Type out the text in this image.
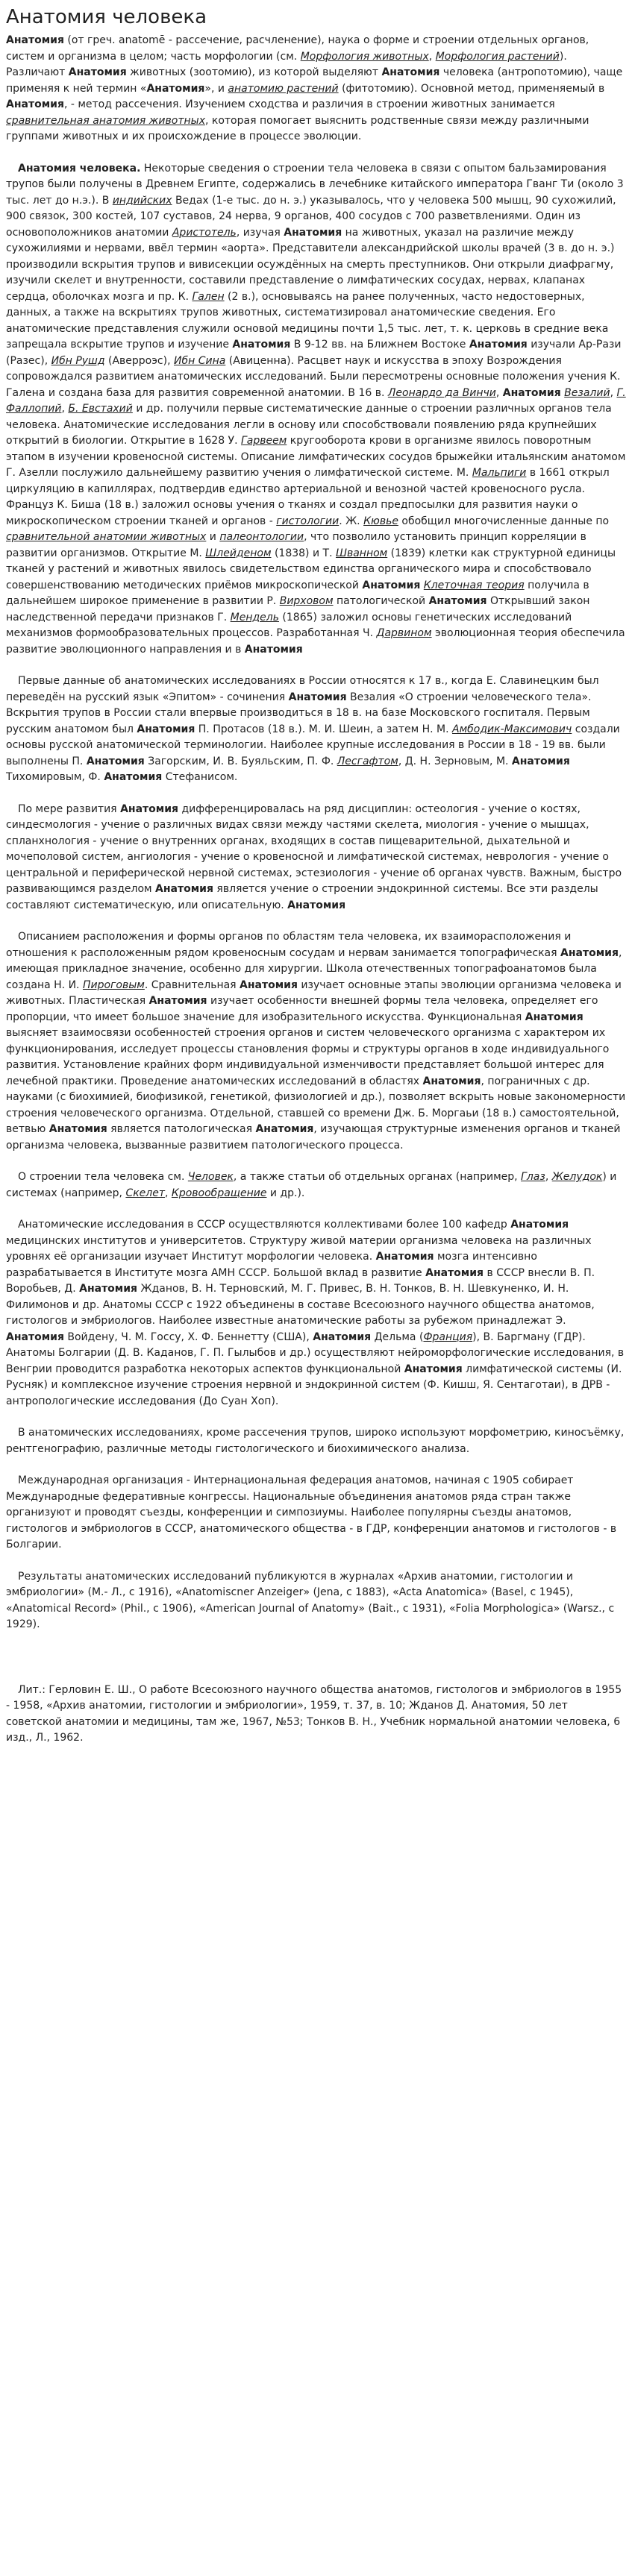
Анатомия человека

Анатомия (от греч. anatomē - рассечение, расчленение), наука о форме и строении отдельных органов, систем и организма в целом; часть морфологии (см. Морфология животных, Морфология растений). Различают Анатомия животных (зоотомию), из которой выделяют Анатомия человека (антропотомию), чаще применяя к ней термин «Анатомия», и анатомию растений (фитотомию). Основной метод, применяемый в Анатомия, - метод рассечения. Изучением сходства и различия в строении животных занимается сравнительная анатомия животных, которая помогает выяснить родственные связи между различными группами животных и их происхождение в процессе эволюции.

Анатомия человека. Некоторые сведения о строении тела человека в связи с опытом бальзамирования трупов были получены в Древнем Египте, содержались в лечебнике китайского императора Гванг Ти (около 3 тыс. лет до н.э.). В индийских Ведах (1-е тыс. до н. э.) указывалось, что у человека 500 мышц, 90 сухожилий, 900 связок, 300 костей, 107 суставов, 24 нерва, 9 органов, 400 сосудов с 700 разветвлениями. Один из основоположников анатомии Аристотель, изучая Анатомия на животных, указал на различие между сухожилиями и нервами, ввёл термин «аорта». Представители александрийской школы врачей (3 в. до н. э.) производили вскрытия трупов и вивисекции осуждённых на смерть преступников. Они открыли диафрагму, изучили скелет и внутренности, составили представление о лимфатических сосудах, нервах, клапанах сердца, оболочках мозга и пр. К. Гален (2 в.), основываясь на ранее полученных, часто недостоверных, данных, а также на вскрытиях трупов животных, систематизировал анатомические сведения. Его анатомические представления служили основой медицины почти 1,5 тыс. лет, т. к. церковь в средние века запрещала вскрытие трупов и изучение Анатомия В 9-12 вв. на Ближнем Востоке Анатомия изучали Ар-Рази (Разес), Ибн Рушд (Аверроэс), Ибн Сина (Авиценна). Расцвет наук и искусства в эпоху Возрождения сопровождался развитием анатомических исследований. Были пересмотрены основные положения учения К. Галена и создана база для развития современной анатомии. В 16 в. Леонардо да Винчи, Анатомия Везалий, Г. Фаллопий, Б. Евстахий и др. получили первые систематические данные о строении различных органов тела человека. Анатомические исследования легли в основу или способствовали появлению ряда крупнейших открытий в биологии. Открытие в 1628 У. Гарвеем кругооборота крови в организме явилось поворотным этапом в изучении кровеносной системы. Описание лимфатических сосудов брыжейки итальянским анатомом Г. Азелли послужило дальнейшему развитию учения о лимфатической системе. М. Мальпиги в 1661 открыл циркуляцию в капиллярах, подтвердив единство артериальной и венозной частей кровеносного русла. Француз К. Биша (18 в.) заложил основы учения о тканях и создал предпосылки для развития науки о микроскопическом строении тканей и органов - гистологии. Ж. Кювье обобщил многочисленные данные по сравнительной анатомии животных и палеонтологии, что позволило установить принцип корреляции в развитии организмов. Открытие М. Шлейденом (1838) и Т. Шванном (1839) клетки как структурной единицы тканей у растений и животных явилось свидетельством единства органического мира и способствовало совершенствованию методических приёмов микроскопической Анатомия Клеточная теория получила в дальнейшем широкое применение в развитии Р. Вирховом патологической Анатомия Открывший закон наследственной передачи признаков Г. Мендель (1865) заложил основы генетических исследований механизмов формообразовательных процессов. Разработанная Ч. Дарвином эволюционная теория обеспечила развитие эволюционного направления и в Анатомия

Первые данные об анатомических исследованиях в России относятся к 17 в., когда Е. Славинецким был переведён на русский язык «Эпитом» - сочинения Анатомия Везалия «О строении человеческого тела». Вскрытия трупов в России стали впервые производиться в 18 в. на базе Московского госпиталя. Первым русским анатомом был Анатомия П. Протасов (18 в.). М. И. Шеин, а затем Н. М. Амбодик-Максимович создали основы русской анатомической терминологии. Наиболее крупные исследования в России в 18 - 19 вв. были выполнены П. Анатомия Загорским, И. В. Буяльским, П. Ф. Лесгафтом, Д. Н. Зерновым, М. Анатомия Тихомировым, Ф. Анатомия Стефанисом.

По мере развития Анатомия дифференцировалась на ряд дисциплин: остеология - учение о костях, синдесмология - учение о различных видах связи между частями скелета, миология - учение о мышцах, спланхнология - учение о внутренних органах, входящих в состав пищеварительной, дыхательной и мочеполовой систем, ангиология - учение о кровеносной и лимфатической системах, неврология - учение о центральной и периферической нервной системах, эстезиология - учение об органах чувств. Важным, быстро развивающимся разделом Анатомия является учение о строении эндокринной системы. Все эти разделы составляют систематическую, или описательную. Анатомия

Описанием расположения и формы органов по областям тела человека, их взаиморасположения и отношения к расположенным рядом кровеносным сосудам и нервам занимается топографическая Анатомия, имеющая прикладное значение, особенно для хирургии. Школа отечественных топографоанатомов была создана Н. И. Пироговым. Сравнительная Анатомия изучает основные этапы эволюции организма человека и животных. Пластическая Анатомия изучает особенности внешней формы тела человека, определяет его пропорции, что имеет большое значение для изобразительного искусства. Функциональная Анатомия выясняет взаимосвязи особенностей строения органов и систем человеческого организма с характером их функционирования, исследует процессы становления формы и структуры органов в ходе индивидуального развития. Установление крайних форм индивидуальной изменчивости представляет большой интерес для лечебной практики. Проведение анатомических исследований в областях Анатомия, пограничных с др. науками (с биохимией, биофизикой, генетикой, физиологией и др.), позволяет вскрыть новые закономерности строения человеческого организма. Отдельной, ставшей со времени Дж. Б. Моргаьи (18 в.) самостоятельной, ветвью Анатомия является патологическая Анатомия, изучающая структурные изменения органов и тканей организма человека, вызванные развитием патологического процесса.

О строении тела человека см. Человек, а также статьи об отдельных органах (например, Глаз, Желудок) и системах (например, Скелет, Кровообращение и др.).

Анатомические исследования в СССР осуществляются коллективами более 100 кафедр Анатомия медицинских институтов и университетов. Структуру живой материи организма человека на различных уровнях её организации изучает Институт морфологии человека. Анатомия мозга интенсивно разрабатывается в Институте мозга АМН СССР. Большой вклад в развитие Анатомия в СССР внесли В. П. Воробьев, Д. Анатомия Жданов, В. Н. Терновский, М. Г. Привес, В. Н. Тонков, В. Н. Шевкуненко, И. Н. Филимонов и др. Анатомы СССР с 1922 объединены в составе Всесоюзного научного общества анатомов, гистологов и эмбриологов. Наиболее известные анатомические работы за рубежом принадлежат Э. Анатомия Войдену, Ч. М. Госсу, Х. Ф. Беннетту (США), Анатомия Дельма (Франция), В. Баргману (ГДР). Анатомы Болгарии (Д. В. Каданов, Г. П. Гылыбов и др.) осуществляют нейроморфологические исследования, в Венгрии проводится разработка некоторых аспектов функциональной Анатомия лимфатической системы (И. Русняк) и комплексное изучение строения нервной и эндокринной систем (Ф. Кишш, Я. Сентаготаи), в ДРВ - антропологические исследования (До Суан Хоп).

В анатомических исследованиях, кроме рассечения трупов, широко используют морфометрию, киносъёмку, рентгенографию, различные методы гистологического и биохимического анализа.

Международная организация - Интернациональная федерация анатомов, начиная с 1905 собирает Международные федеративные конгрессы. Национальные объединения анатомов ряда стран также организуют и проводят съезды, конференции и симпозиумы. Наиболее популярны съезды анатомов, гистологов и эмбриологов в СССР, анатомического общества - в ГДР, конференции анатомов и гистологов - в Болгарии.

Результаты анатомических исследований публикуются в журналах «Архив анатомии, гистологии и эмбриологии» (М.- Л., с 1916), «Anatomiscner Anzeiger» (Jena, с 1883), «Acta Anatomica» (Basel, с 1945), «Anatomical Record» (Phil., с 1906), «American Journal of Anatomy» (Bait., с 1931), «Folia Morphologica» (Warsz., с 1929).

Лит.: Герловин Е. Ш., О работе Всесоюзного научного общества анатомов, гистологов и эмбриологов в 1955 - 1958, «Архив анатомии, гистологии и эмбриологии», 1959, т. 37, в. 10; Жданов Д. Анатомия, 50 лет советской анатомии и медицины, там же, 1967, №53; Тонков В. Н., Учебник нормальной анатомии человека, 6 изд., Л., 1962.
